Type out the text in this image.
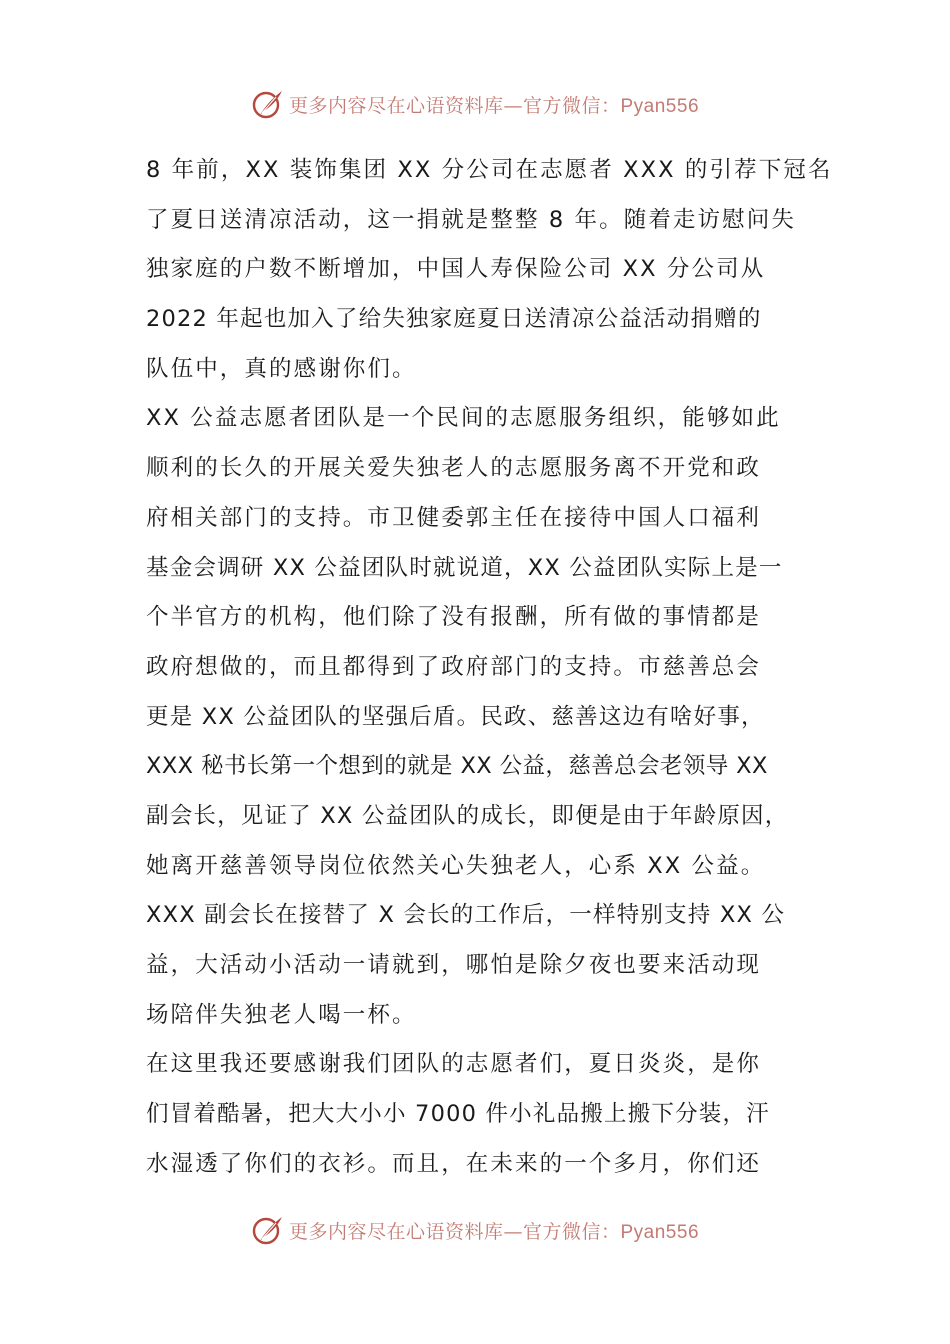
更多内容尽在心语资料库—官方微信：Pyan556
8 年前，XX 装饰集团 XX 分公司在志愿者 XXX 的引荐下冠名
了夏日送清凉活动，这一捐就是整整 8 年。随着走访慰问失
独家庭的户数不断增加，中国人寿保险公司 XX 分公司从
2022 年起也加入了给失独家庭夏日送清凉公益活动捐赠的
队伍中，真的感谢你们。
XX 公益志愿者团队是一个民间的志愿服务组织，能够如此
顺利的长久的开展关爱失独老人的志愿服务离不开党和政
府相关部门的支持。市卫健委郭主任在接待中国人口福利
基金会调研 XX 公益团队时就说道，XX 公益团队实际上是一
个半官方的机构，他们除了没有报酬，所有做的事情都是
政府想做的，而且都得到了政府部门的支持。市慈善总会
更是 XX 公益团队的坚强后盾。民政、慈善这边有啥好事，
XXX 秘书长第一个想到的就是 XX 公益，慈善总会老领导 XX
副会长，见证了 XX 公益团队的成长，即便是由于年龄原因，
她离开慈善领导岗位依然关心失独老人，心系 XX 公益。
XXX 副会长在接替了 X 会长的工作后，一样特别支持 XX 公
益，大活动小活动一请就到，哪怕是除夕夜也要来活动现
场陪伴失独老人喝一杯。
在这里我还要感谢我们团队的志愿者们，夏日炎炎，是你
们冒着酷暑，把大大小小 7000 件小礼品搬上搬下分装，汗
水湿透了你们的衣衫。而且，在未来的一个多月，你们还
更多内容尽在心语资料库—官方微信：Pyan556
